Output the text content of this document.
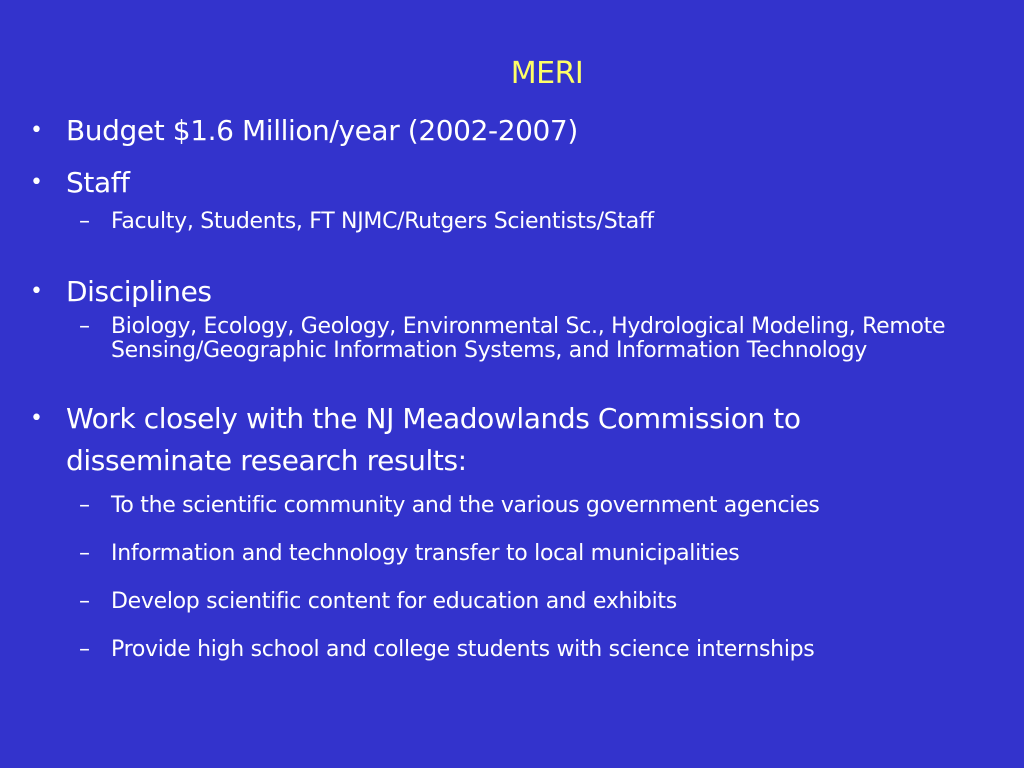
MERI
• Budget $1.6 Million/year (2002-2007)
• Staff
– Faculty, Students, FT NJMC/Rutgers Scientists/Staff
• Disciplines
– Biology, Ecology, Geology, Environmental Sc., Hydrological Modeling, Remote Sensing/Geographic Information Systems, and Information Technology
• Work closely with the NJ Meadowlands Commission to disseminate research results:
– To the scientific community and the various government agencies
– Information and technology transfer to local municipalities
– Develop scientific content for education and exhibits
– Provide high school and college students with science internships
